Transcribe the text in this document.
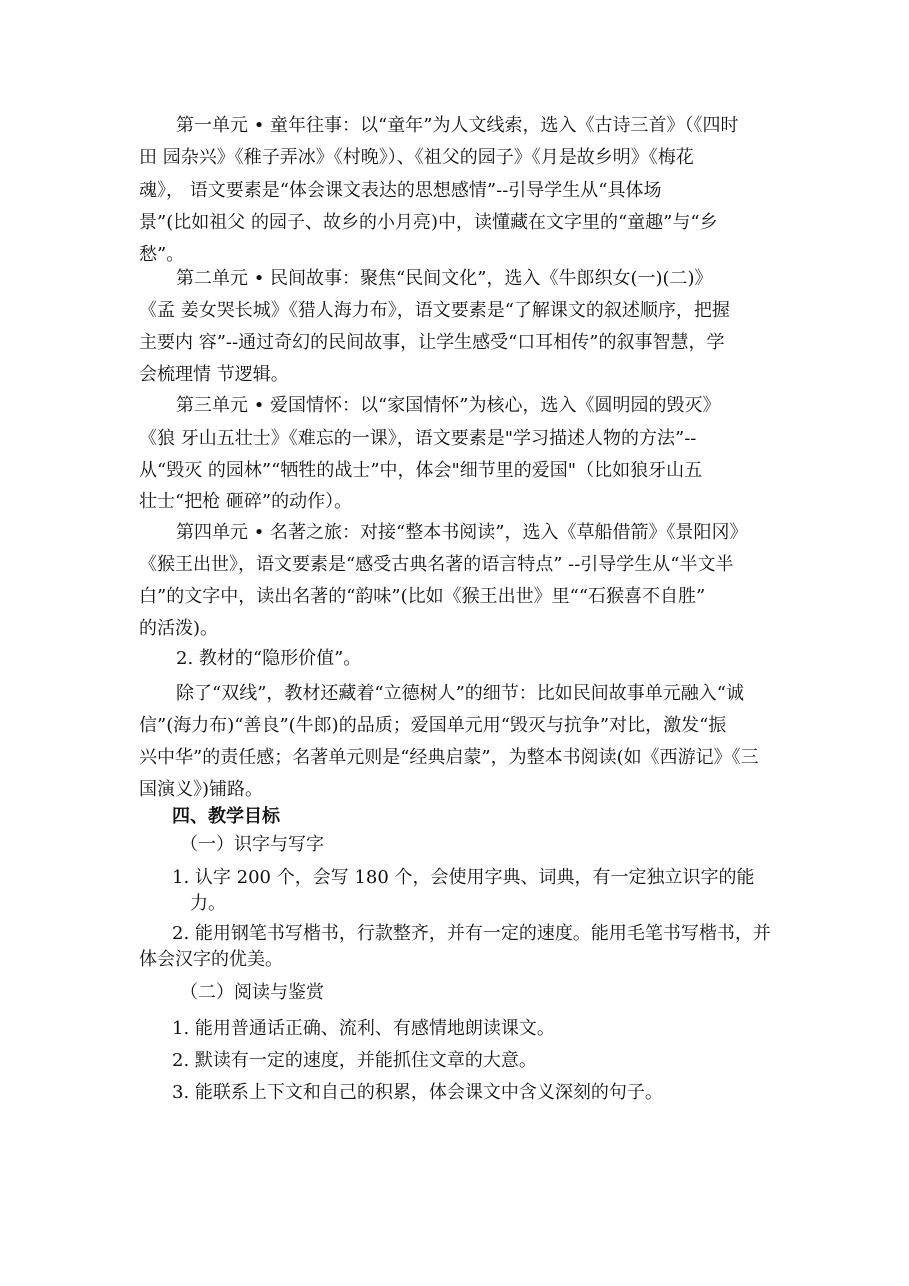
第一单元 • 童年往事：以“童年”为人文线索，选入《古诗三首》（《四时

田 园杂兴》《稚子弄冰》《村晚》）、《祖父的园子》《月是故乡明》《梅花

魂》， 语文要素是“体会课文表达的思想感情”--引导学生从“具体场

景”(比如祖父 的园子、故乡的小月亮)中，读懂藏在文字里的“童趣”与“乡

愁”。

第二单元 • 民间故事：聚焦“民间文化”，选入《牛郎织女(一)(二)》

《孟 姜女哭长城》《猎人海力布》，语文要素是“了解课文的叙述顺序，把握

主要内 容”--通过奇幻的民间故事，让学生感受“口耳相传”的叙事智慧，学

会梳理情 节逻辑。

第三单元 • 爱国情怀：以“家国情怀”为核心，选入《圆明园的毁灭》

《狼 牙山五壮士》《难忘的一课》，语文要素是"学习描述人物的方法”--

从“毁灭 的园林”“牺牲的战士”中，体会"细节里的爱国"（比如狼牙山五

壮士“把枪 砸碎”的动作）。

第四单元 • 名著之旅：对接“整本书阅读”，选入《草船借箭》《景阳冈》

《猴王出世》，语文要素是“感受古典名著的语言特点” --引导学生从“半文半

白”的文字中，读出名著的“韵味”(比如《猴王出世》里““石猴喜不自胜”

的活泼)。

2. 教材的“隐形价值”。

除了“双线”，教材还藏着“立德树人”的细节：比如民间故事单元融入“诚

信”(海力布)“善良”(牛郎)的品质；爱国单元用“毁灭与抗争”对比，激发“振

兴中华”的责任感；名著单元则是“经典启蒙”，为整本书阅读(如《西游记》《三

国演义》)铺路。

四、教学目标

（一）识字与写字

1. 认字 200 个，会写 180 个，会使用字典、词典，有一定独立识字的能

力。

2. 能用钢笔书写楷书，行款整齐，并有一定的速度。能用毛笔书写楷书，并

体会汉字的优美。

（二）阅读与鉴赏

1. 能用普通话正确、流利、有感情地朗读课文。

2. 默读有一定的速度，并能抓住文章的大意。

3. 能联系上下文和自己的积累，体会课文中含义深刻的句子。
